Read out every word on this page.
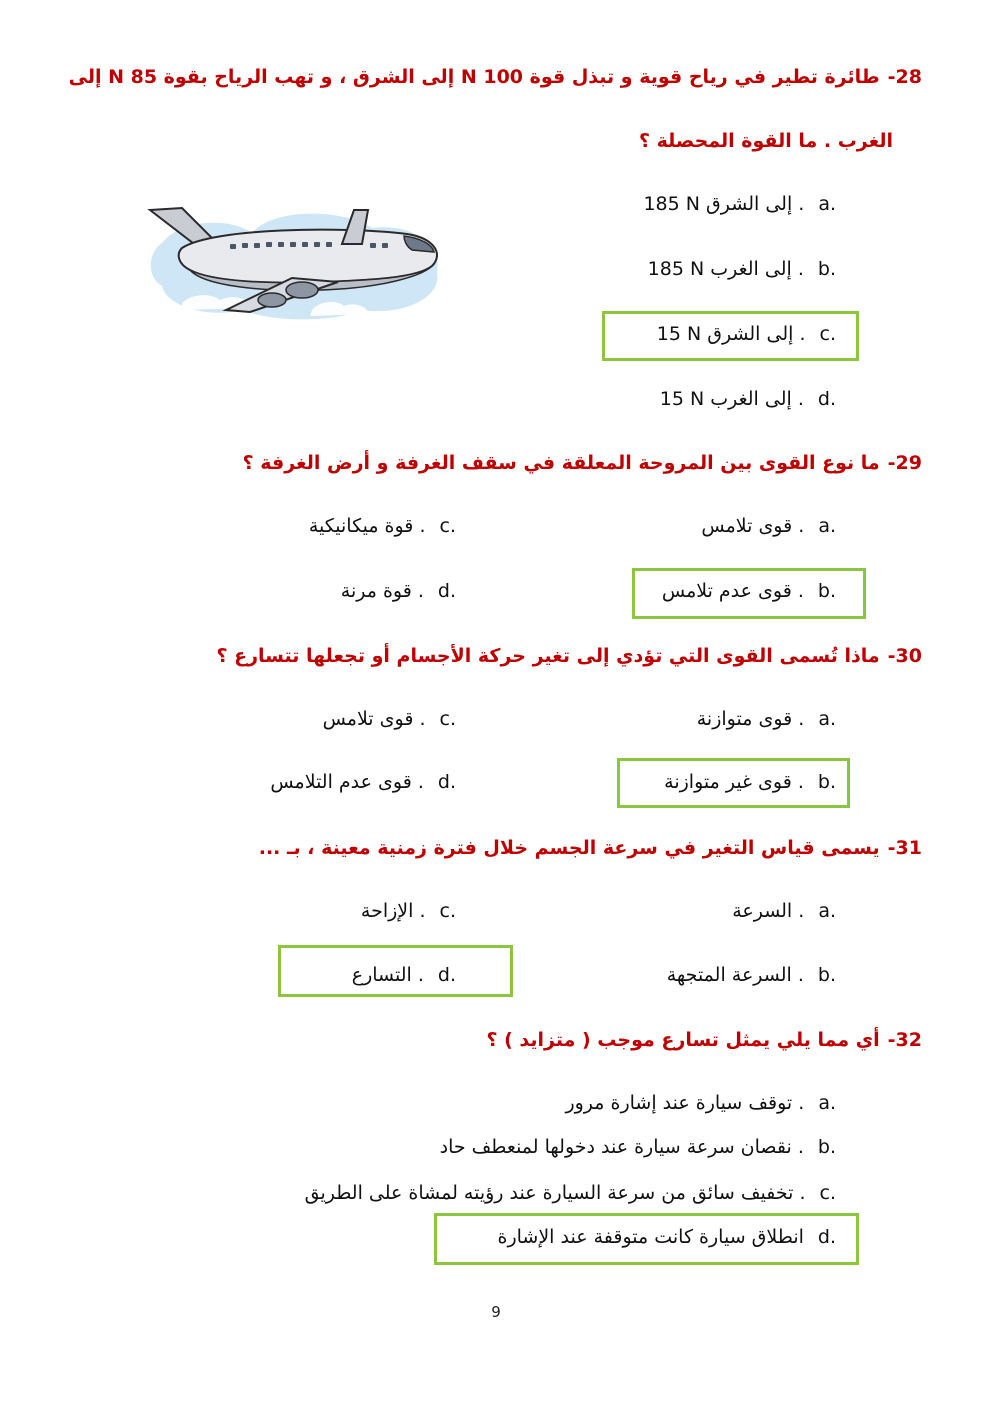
28-طائرة تطير في رياح قوية و تبذل قوة N 100 إلى الشرق ، و تهب الرياح بقوة N 85 إلى
الغرب . ما القوة المحصلة ؟
185 N إلى الشرق . a.
185 N إلى الغرب . b.
15 N إلى الشرق . c.
15 N إلى الغرب . d.
29-ما نوع القوى بين المروحة المعلقة في سقف الغرفة و أرض الغرفة ؟
قوى تلامس . a.
قوة ميكانيكية . c.
قوى عدم تلامس . b.
قوة مرنة . d.
30-ماذا تُسمى القوى التي تؤدي إلى تغير حركة الأجسام أو تجعلها تتسارع ؟
قوى متوازنة . a.
قوى تلامس . c.
قوى غير متوازنة . b.
قوى عدم التلامس . d.
31-يسمى قياس التغير في سرعة الجسم خلال فترة زمنية معينة ، بـ ...
السرعة . a.
الإزاحة . c.
السرعة المتجهة . b.
التسارع . d.
32-أي مما يلي يمثل تسارع موجب ( متزايد ) ؟
توقف سيارة عند إشارة مرور . a.
نقصان سرعة سيارة عند دخولها لمنعطف حاد . b.
تخفيف سائق من سرعة السيارة عند رؤيته لمشاة على الطريق . c.
انطلاق سيارة كانت متوقفة عند الإشارة d.
9
